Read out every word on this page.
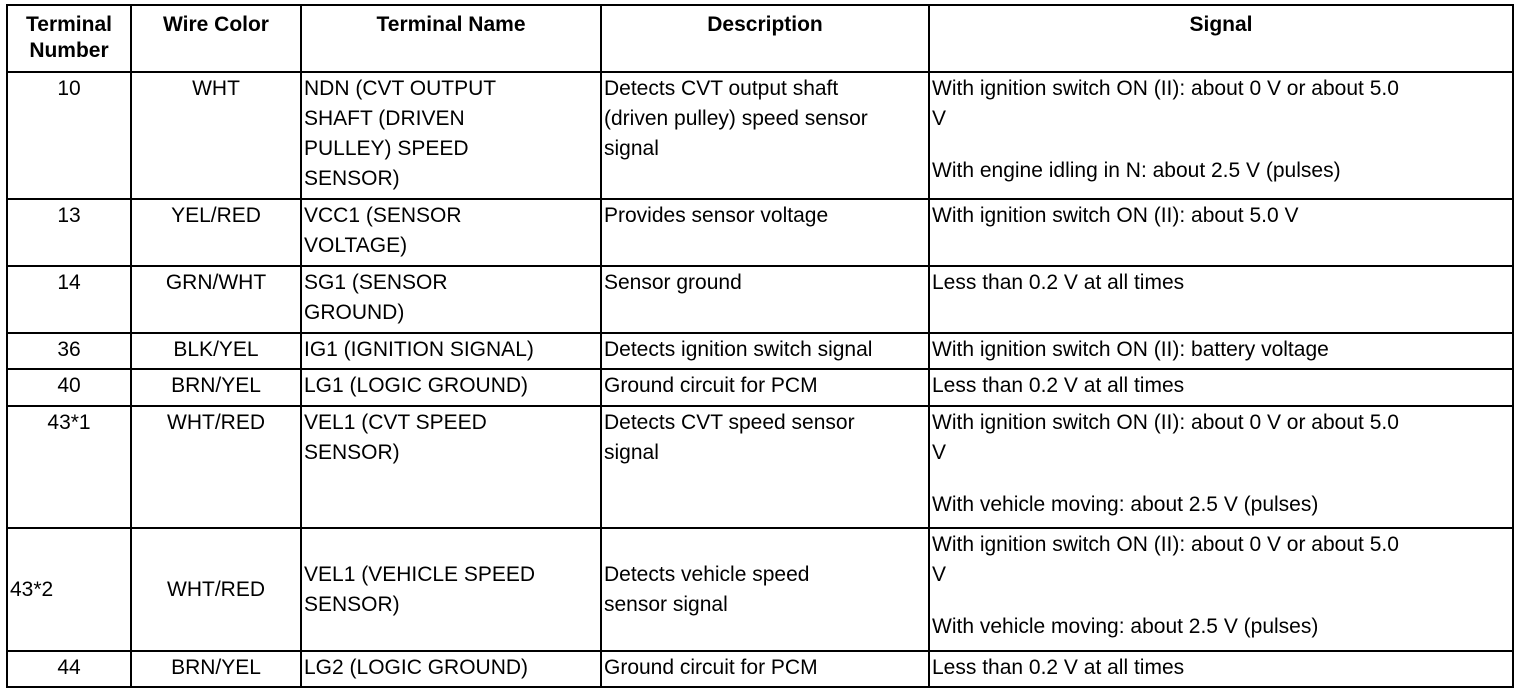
Terminal Number	Wire Color	Terminal Name	Description	Signal
10	WHT	NDN (CVT OUTPUT
SHAFT (DRIVEN
PULLEY) SPEED
SENSOR)	Detects CVT output shaft
(driven pulley) speed sensor
signal	With ignition switch ON (II): about 0 V or about 5.0
V
With engine idling in N: about 2.5 V (pulses)

13	YEL/RED	VCC1 (SENSOR
VOLTAGE)	Provides sensor voltage	With ignition switch ON (II): about 5.0 V
14	GRN/WHT	SG1 (SENSOR
GROUND)	Sensor ground	Less than 0.2 V at all times
36	BLK/YEL	IG1 (IGNITION SIGNAL)	Detects ignition switch signal	With ignition switch ON (II): battery voltage
40	BRN/YEL	LG1 (LOGIC GROUND)	Ground circuit for PCM	Less than 0.2 V at all times
43*1	WHT/RED	VEL1 (CVT SPEED
SENSOR)	Detects CVT speed sensor
signal	With ignition switch ON (II): about 0 V or about 5.0
V
With vehicle moving: about 2.5 V (pulses)

43*2	WHT/RED	VEL1 (VEHICLE SPEED
SENSOR)	Detects vehicle speed
sensor signal	With ignition switch ON (II): about 0 V or about 5.0
V
With vehicle moving: about 2.5 V (pulses)

44	BRN/YEL	LG2 (LOGIC GROUND)	Ground circuit for PCM	Less than 0.2 V at all times
